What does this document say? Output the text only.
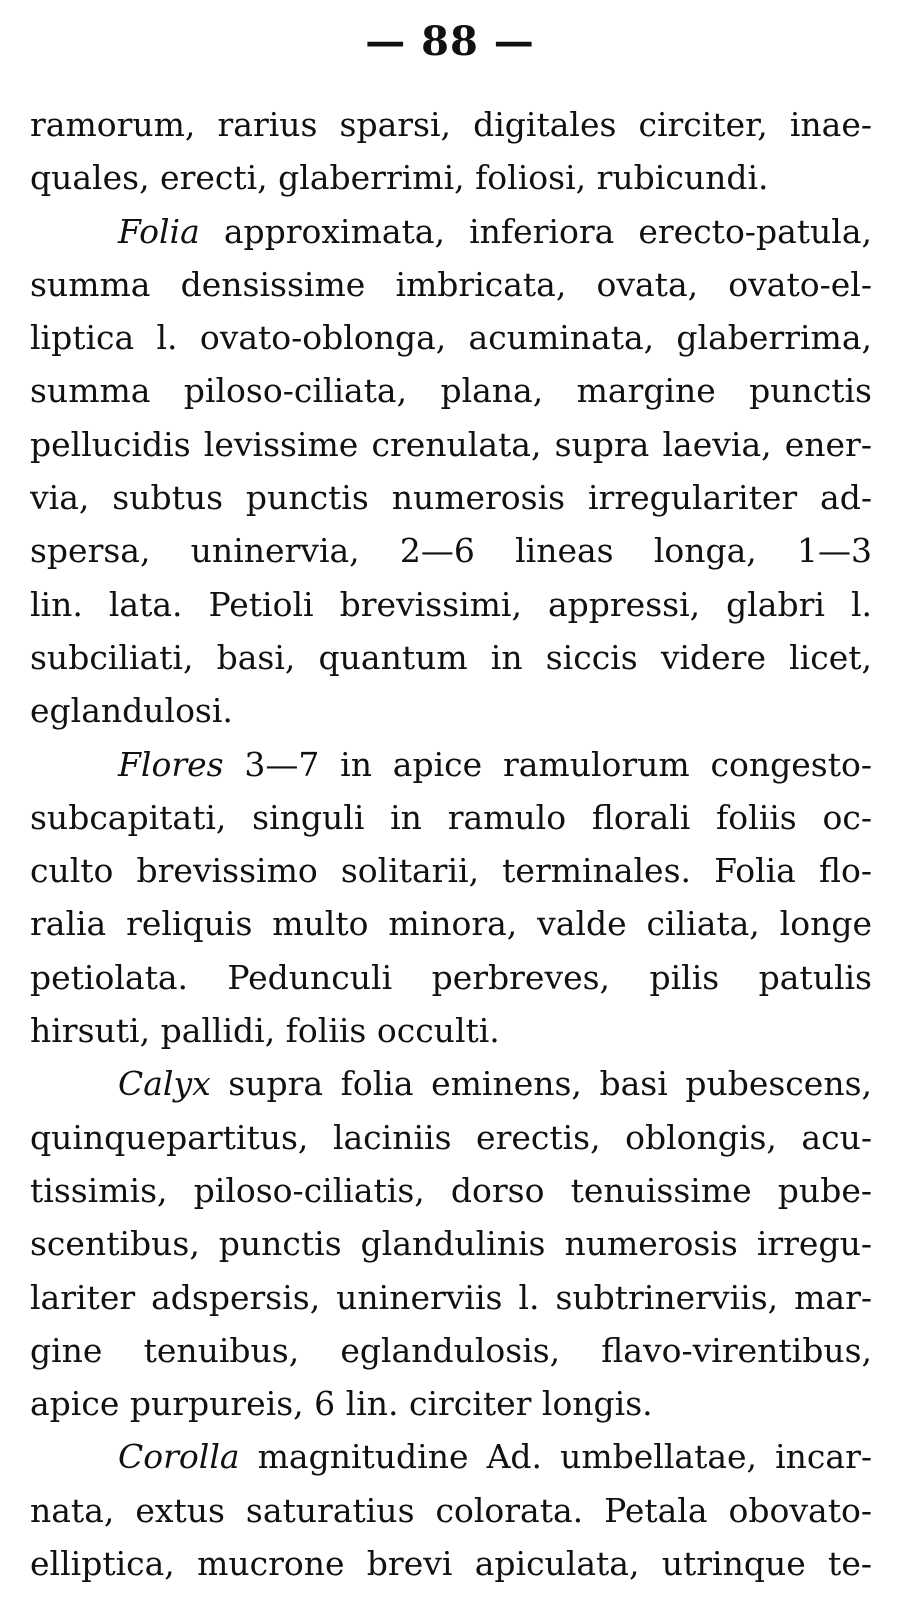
— 88 —
ramorum, rarius sparsi, digitales circiter, inae-
quales, erecti, glaberrimi, foliosi, rubicundi.
Folia approximata, inferiora erecto-patula,
summa densissime imbricata, ovata, ovato-el-
liptica l. ovato-oblonga, acuminata, glaberrima,
summa piloso-ciliata, plana, margine punctis
pellucidis levissime crenulata, supra laevia, ener-
via, subtus punctis numerosis irregulariter ad-
spersa, uninervia, 2—6 lineas longa, 1—3
lin. lata. Petioli brevissimi, appressi, glabri l.
subciliati, basi, quantum in siccis videre licet,
eglandulosi.
Flores 3—7 in apice ramulorum congesto-
subcapitati, singuli in ramulo florali foliis oc-
culto brevissimo solitarii, terminales. Folia flo-
ralia reliquis multo minora, valde ciliata, longe
petiolata. Pedunculi perbreves, pilis patulis
hirsuti, pallidi, foliis occulti.
Calyx supra folia eminens, basi pubescens,
quinquepartitus, laciniis erectis, oblongis, acu-
tissimis, piloso-ciliatis, dorso tenuissime pube-
scentibus, punctis glandulinis numerosis irregu-
lariter adspersis, uninerviis l. subtrinerviis, mar-
gine tenuibus, eglandulosis, flavo-virentibus,
apice purpureis, 6 lin. circiter longis.
Corolla magnitudine Ad. umbellatae, incar-
nata, extus saturatius colorata. Petala obovato-
elliptica, mucrone brevi apiculata, utrinque te-
